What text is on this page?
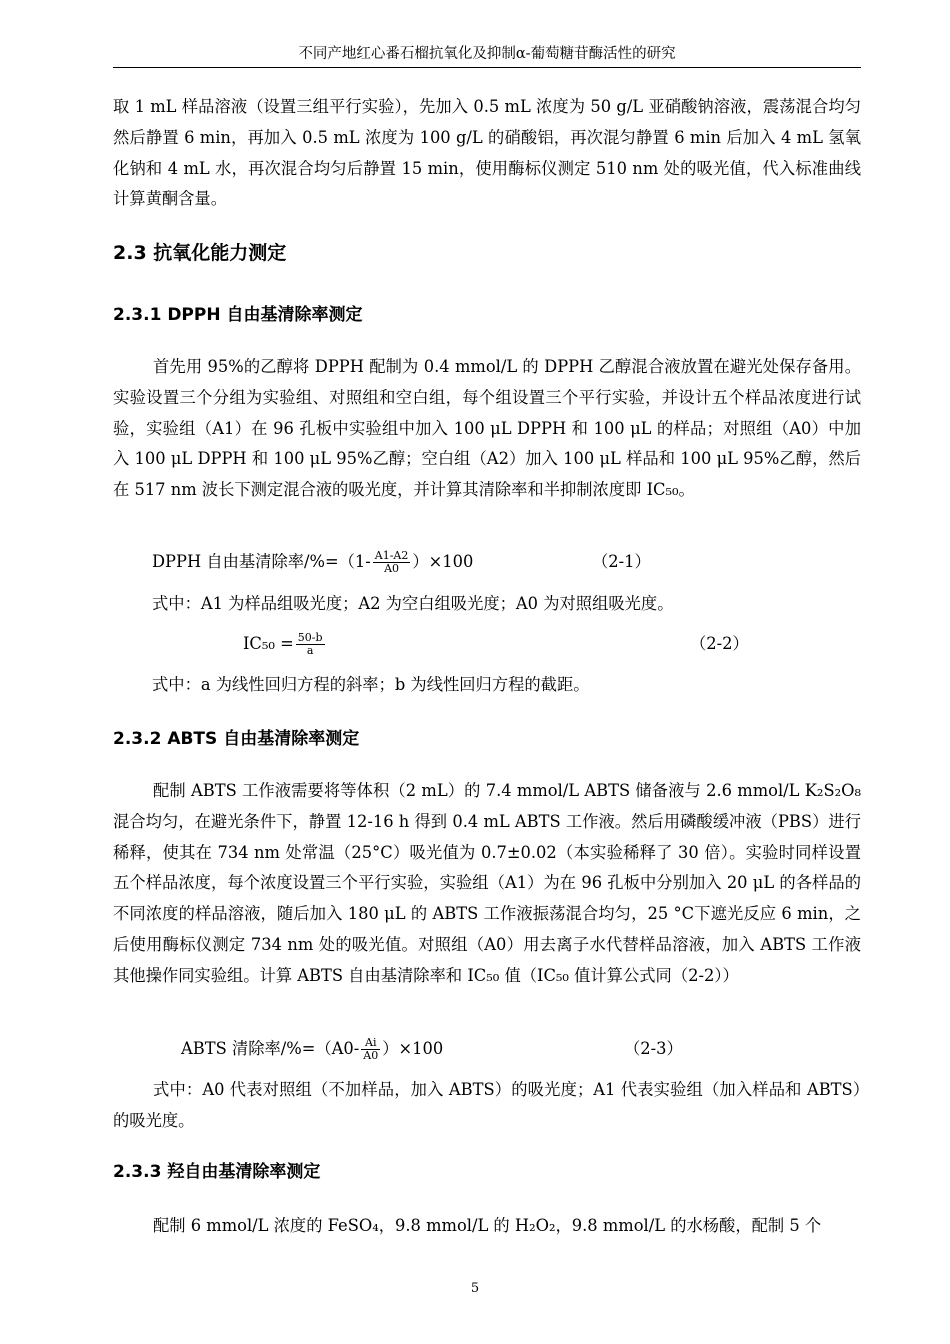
不同产地红心番石榴抗氧化及抑制α-葡萄糖苷酶活性的研究
取 1 mL 样品溶液（设置三组平行实验），先加入 0.5 mL 浓度为 50 g/L 亚硝酸钠溶液，震荡混合均匀然后静置 6 min，再加入 0.5 mL 浓度为 100 g/L 的硝酸铝，再次混匀静置 6 min 后加入 4 mL 氢氧化钠和 4 mL 水，再次混合均匀后静置 15 min，使用酶标仪测定 510 nm 处的吸光值，代入标准曲线计算黄酮含量。
2.3 抗氧化能力测定
2.3.1 DPPH 自由基清除率测定
首先用 95%的乙醇将 DPPH 配制为 0.4 mmol/L 的 DPPH 乙醇混合液放置在避光处保存备用。实验设置三个分组为实验组、对照组和空白组，每个组设置三个平行实验，并设计五个样品浓度进行试验，实验组（A1）在 96 孔板中实验组中加入 100 μL DPPH 和 100 μL 的样品；对照组（A0）中加入 100 μL DPPH 和 100 μL 95%乙醇；空白组（A2）加入 100 μL 样品和 100 μL 95%乙醇，然后在 517 nm 波长下测定混合液的吸光度，并计算其清除率和半抑制浓度即 IC₅₀。
DPPH 自由基清除率$/\%=(1- \frac{A1-A2}{A0} )\times 100$	（2-1）
式中：A1 为样品组吸光度；A2 为空白组吸光度；A0 为对照组吸光度。
$IC_{50} = \frac{50-b}{a}$	（2-2）
式中：a 为线性回归方程的斜率；b 为线性回归方程的截距。
2.3.2 ABTS 自由基清除率测定
配制 ABTS 工作液需要将等体积（2 mL）的 7.4 mmol/L ABTS 储备液与 2.6 mmol/L K₂S₂O₈ 混合均匀，在避光条件下，静置 12-16 h 得到 0.4 mL ABTS 工作液。然后用磷酸缓冲液（PBS）进行稀释，使其在 734 nm 处常温（25°C）吸光值为 0.7±0.02（本实验稀释了 30 倍）。实验时同样设置五个样品浓度，每个浓度设置三个平行实验，实验组（A1）为在 96 孔板中分别加入 20 μL 的各样品的不同浓度的样品溶液，随后加入 180 μL 的 ABTS 工作液振荡混合均匀，25 °C下遮光反应 6 min，之后使用酶标仪测定 734 nm 处的吸光值。对照组（A0）用去离子水代替样品溶液，加入 ABTS 工作液其他操作同实验组。计算 ABTS 自由基清除率和 IC₅₀ 值（IC₅₀ 值计算公式同（2-2））
ABTS 清除率$/\%=(A0- \frac{Ai}{A0} )\times 100$	（2-3）
式中：A0 代表对照组（不加样品，加入 ABTS）的吸光度；A1 代表实验组（加入样品和 ABTS）的吸光度。
2.3.3 羟自由基清除率测定
配制 6 mmol/L 浓度的 FeSO₄，9.8 mmol/L 的 H₂O₂，9.8 mmol/L 的水杨酸，配制 5 个
5
